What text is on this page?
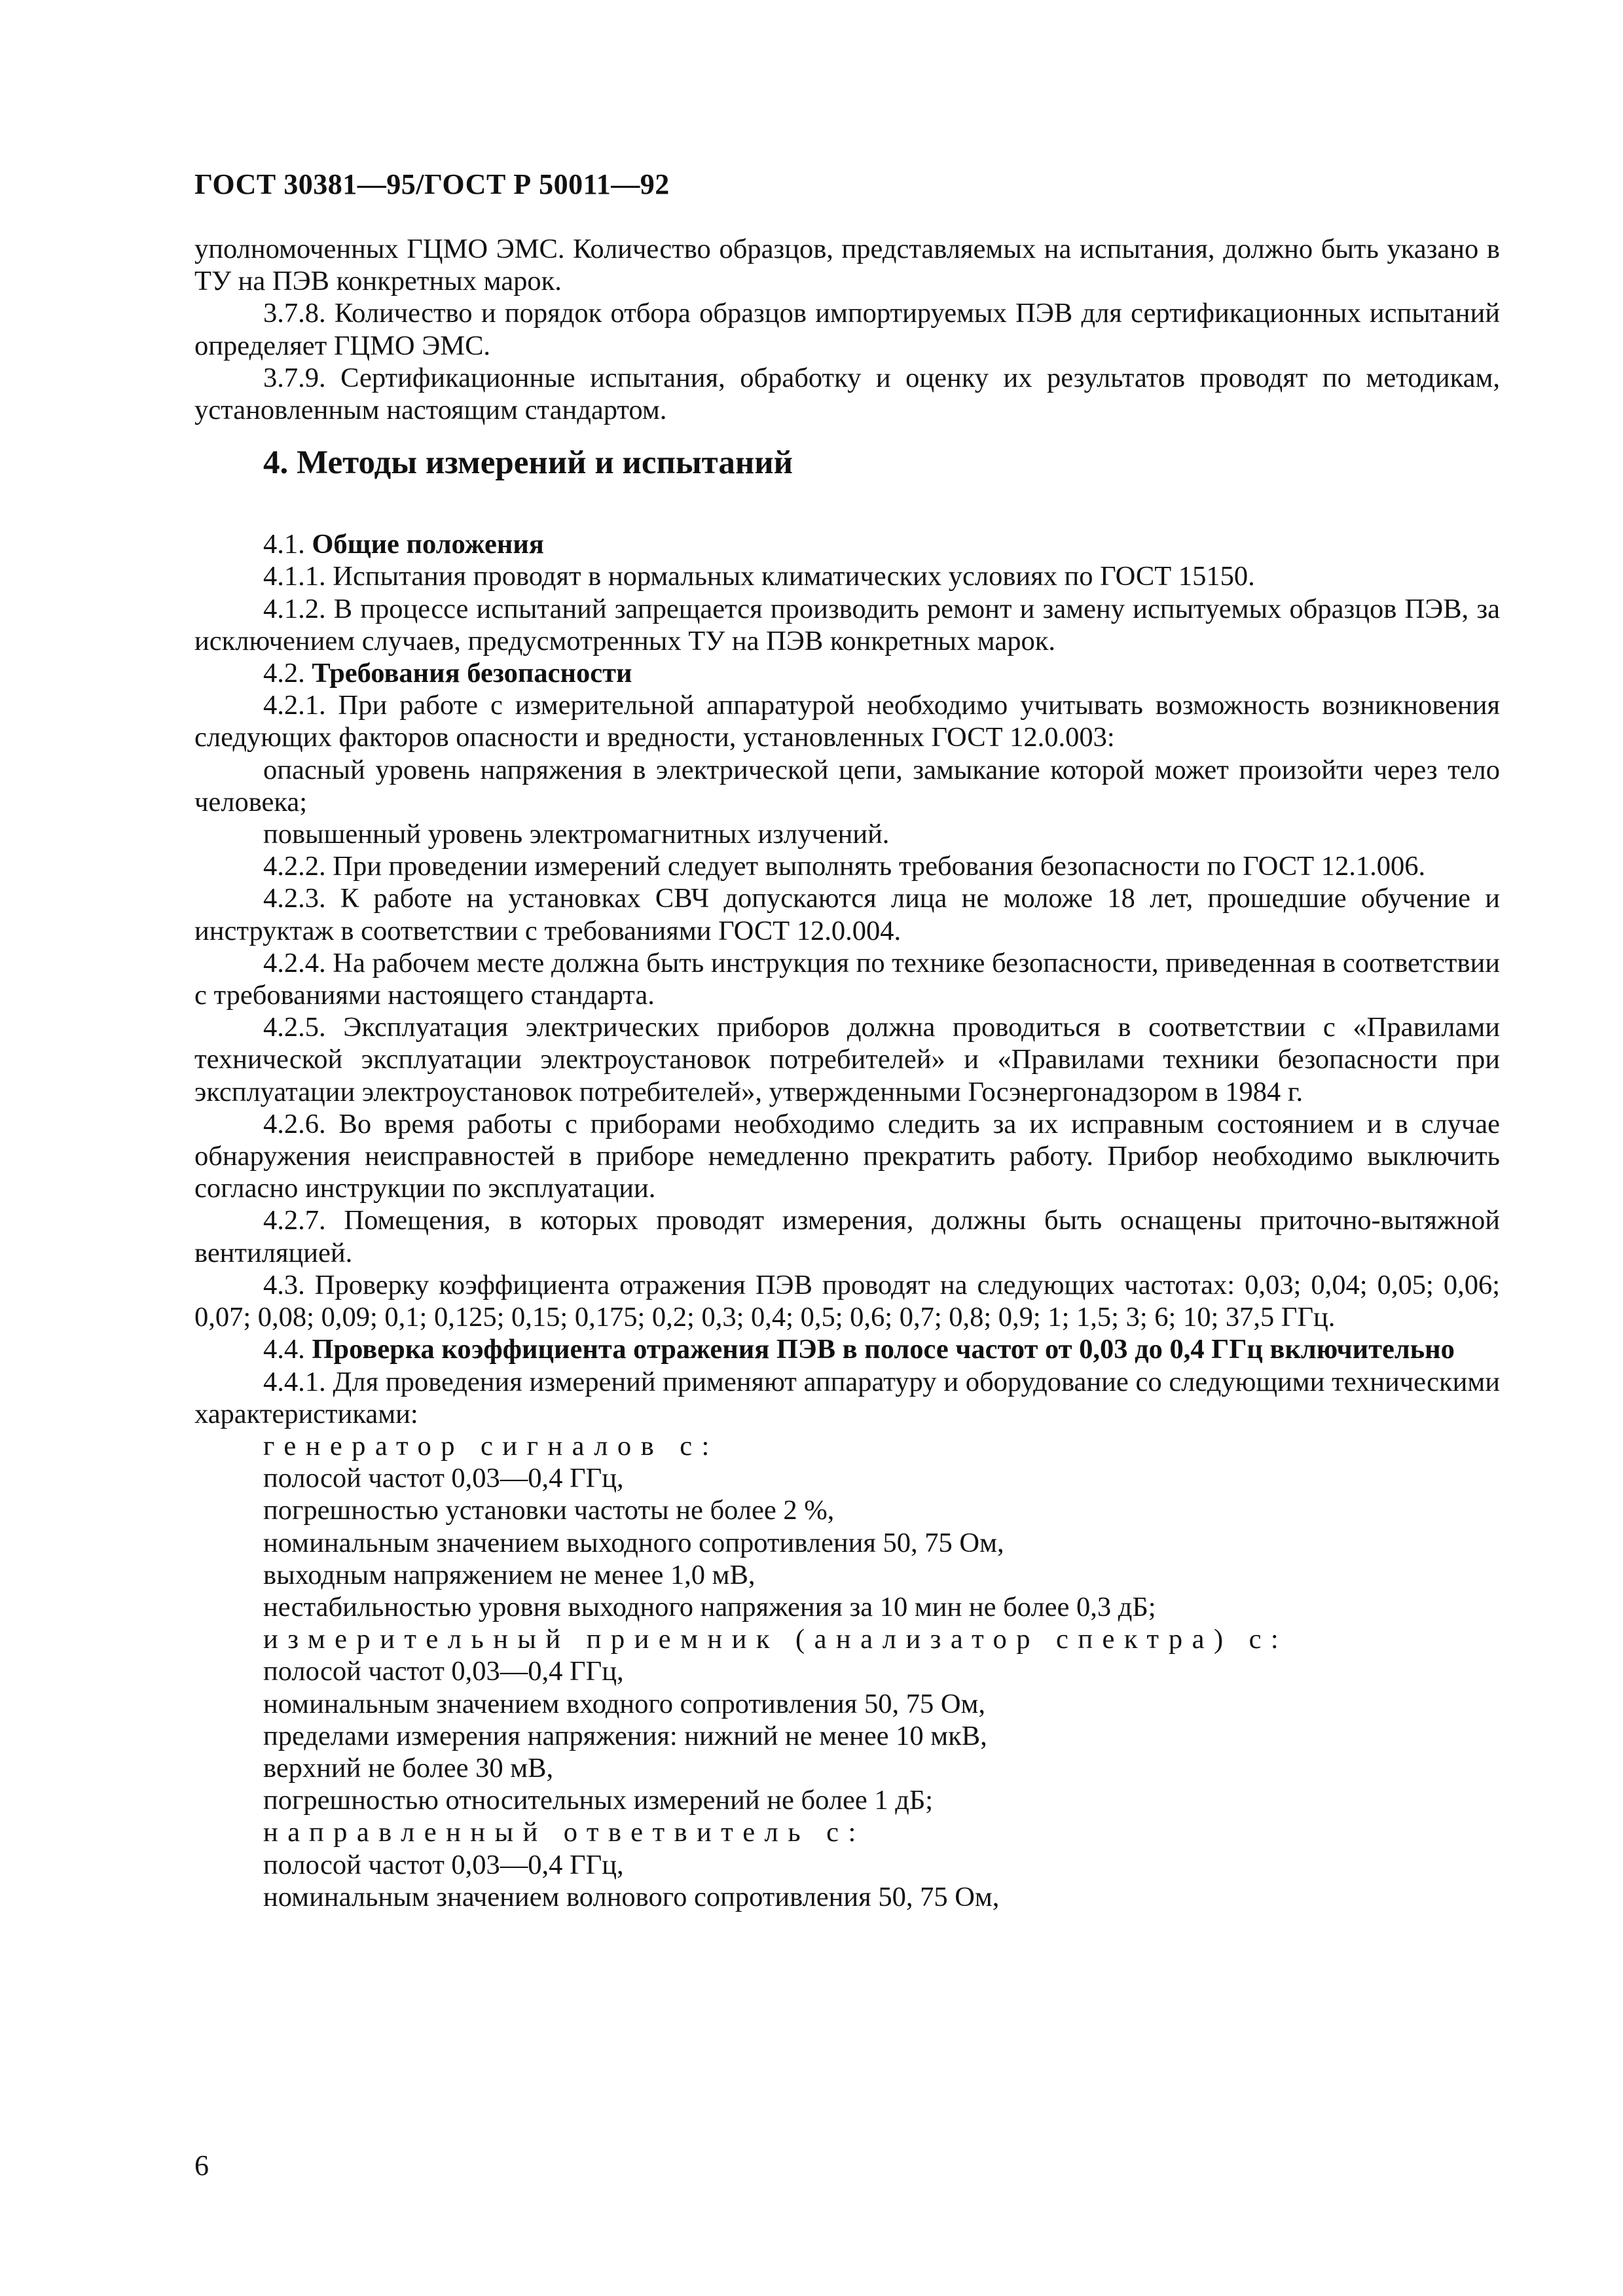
ГОСТ 30381—95/ГОСТ Р 50011—92

уполномоченных ГЦМО ЭМС. Количество образцов, представляемых на испытания, должно быть указано в ТУ на ПЭВ конкретных марок.

3.7.8. Количество и порядок отбора образцов импортируемых ПЭВ для сертификационных испытаний определяет ГЦМО ЭМС.

3.7.9. Сертификационные испытания, обработку и оценку их результатов проводят по методикам, установленным настоящим стандартом.

4. Методы измерений и испытаний

4.1. Общие положения

4.1.1. Испытания проводят в нормальных климатических условиях по ГОСТ 15150.

4.1.2. В процессе испытаний запрещается производить ремонт и замену испытуемых образцов ПЭВ, за исключением случаев, предусмотренных ТУ на ПЭВ конкретных марок.

4.2. Требования безопасности

4.2.1. При работе с измерительной аппаратурой необходимо учитывать возможность возникновения следующих факторов опасности и вредности, установленных ГОСТ 12.0.003:

опасный уровень напряжения в электрической цепи, замыкание которой может произойти через тело человека;

повышенный уровень электромагнитных излучений.

4.2.2. При проведении измерений следует выполнять требования безопасности по ГОСТ 12.1.006.

4.2.3. К работе на установках СВЧ допускаются лица не моложе 18 лет, прошедшие обучение и инструктаж в соответствии с требованиями ГОСТ 12.0.004.

4.2.4. На рабочем месте должна быть инструкция по технике безопасности, приведенная в соответствии с требованиями настоящего стандарта.

4.2.5. Эксплуатация электрических приборов должна проводиться в соответствии с «Правилами технической эксплуатации электроустановок потребителей» и «Правилами техники безопасности при эксплуатации электроустановок потребителей», утвержденными Госэнергонадзором в 1984 г.

4.2.6. Во время работы с приборами необходимо следить за их исправным состоянием и в случае обнаружения неисправностей в приборе немедленно прекратить работу. Прибор необходимо выключить согласно инструкции по эксплуатации.

4.2.7. Помещения, в которых проводят измерения, должны быть оснащены приточно-вытяжной вентиляцией.

4.3. Проверку коэффициента отражения ПЭВ проводят на следующих частотах: 0,03; 0,04; 0,05; 0,06; 0,07; 0,08; 0,09; 0,1; 0,125; 0,15; 0,175; 0,2; 0,3; 0,4; 0,5; 0,6; 0,7; 0,8; 0,9; 1; 1,5; 3; 6; 10; 37,5 ГГц.

4.4. Проверка коэффициента отражения ПЭВ в полосе частот от 0,03 до 0,4 ГГц включительно

4.4.1. Для проведения измерений применяют аппаратуру и оборудование со следующими техническими характеристиками:

генератор сигналов с:

полосой частот 0,03—0,4 ГГц,

погрешностью установки частоты не более 2 %,

номинальным значением выходного сопротивления 50, 75 Ом,

выходным напряжением не менее 1,0 мВ,

нестабильностью уровня выходного напряжения за 10 мин не более 0,3 дБ;

измерительный приемник (анализатор спектра) с:

полосой частот 0,03—0,4 ГГц,

номинальным значением входного сопротивления 50, 75 Ом,

пределами измерения напряжения: нижний не менее 10 мкВ,

верхний не более 30 мВ,

погрешностью относительных измерений не более 1 дБ;

направленный ответвитель с:

полосой частот 0,03—0,4 ГГц,

номинальным значением волнового сопротивления 50, 75 Ом,

6
